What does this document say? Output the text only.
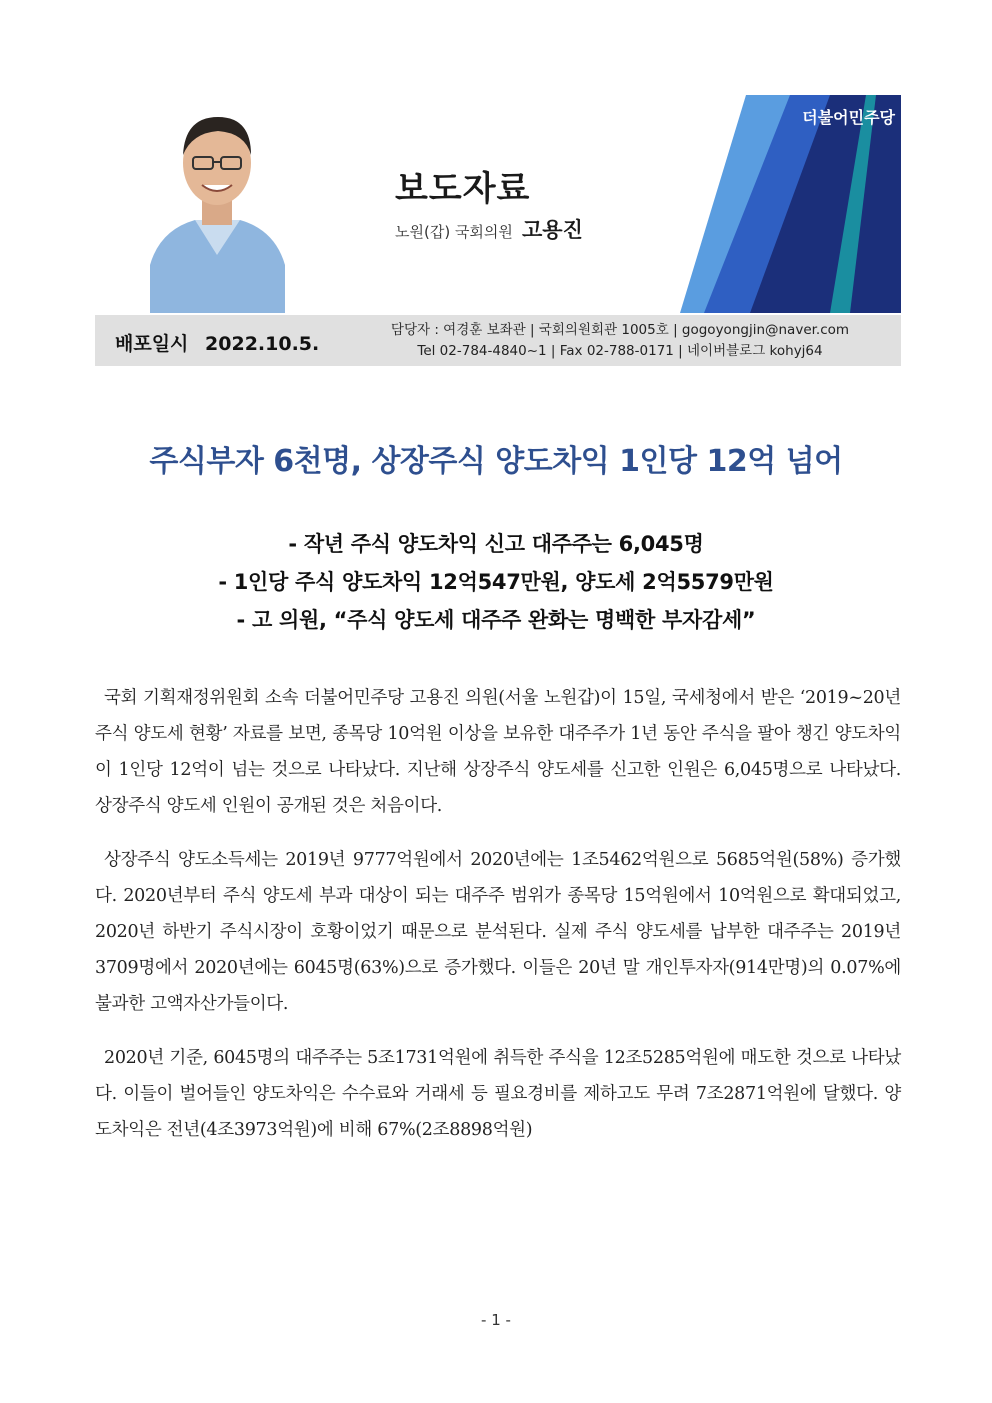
보도자료
노원(갑) 국회의원 고용진
더불어민주당
배포일시 2022.10.5.
담당자 : 여경훈 보좌관 | 국회의원회관 1005호 | gogoyongjin@naver.com
Tel 02-784-4840~1 | Fax 02-788-0171 | 네이버블로그 kohyj64
주식부자 6천명, 상장주식 양도차익 1인당 12억 넘어
- 작년 주식 양도차익 신고 대주주는 6,045명
- 1인당 주식 양도차익 12억547만원, 양도세 2억5579만원
- 고 의원, “주식 양도세 대주주 완화는 명백한 부자감세”

국회 기획재정위원회 소속 더불어민주당 고용진 의원(서울 노원갑)이 15일, 국세청에서 받은 ‘2019~20년 주식 양도세 현황’ 자료를 보면, 종목당 10억원 이상을 보유한 대주주가 1년 동안 주식을 팔아 챙긴 양도차익이 1인당 12억이 넘는 것으로 나타났다. 지난해 상장주식 양도세를 신고한 인원은 6,045명으로 나타났다. 상장주식 양도세 인원이 공개된 것은 처음이다.

상장주식 양도소득세는 2019년 9777억원에서 2020년에는 1조5462억원으로 5685억원(58%) 증가했다. 2020년부터 주식 양도세 부과 대상이 되는 대주주 범위가 종목당 15억원에서 10억원으로 확대되었고, 2020년 하반기 주식시장이 호황이었기 때문으로 분석된다. 실제 주식 양도세를 납부한 대주주는 2019년 3709명에서 2020년에는 6045명(63%)으로 증가했다. 이들은 20년 말 개인투자자(914만명)의 0.07%에 불과한 고액자산가들이다.

2020년 기준, 6045명의 대주주는 5조1731억원에 취득한 주식을 12조5285억원에 매도한 것으로 나타났다. 이들이 벌어들인 양도차익은 수수료와 거래세 등 필요경비를 제하고도 무려 7조2871억원에 달했다. 양도차익은 전년(4조3973억원)에 비해 67%(2조8898억원)

- 1 -
